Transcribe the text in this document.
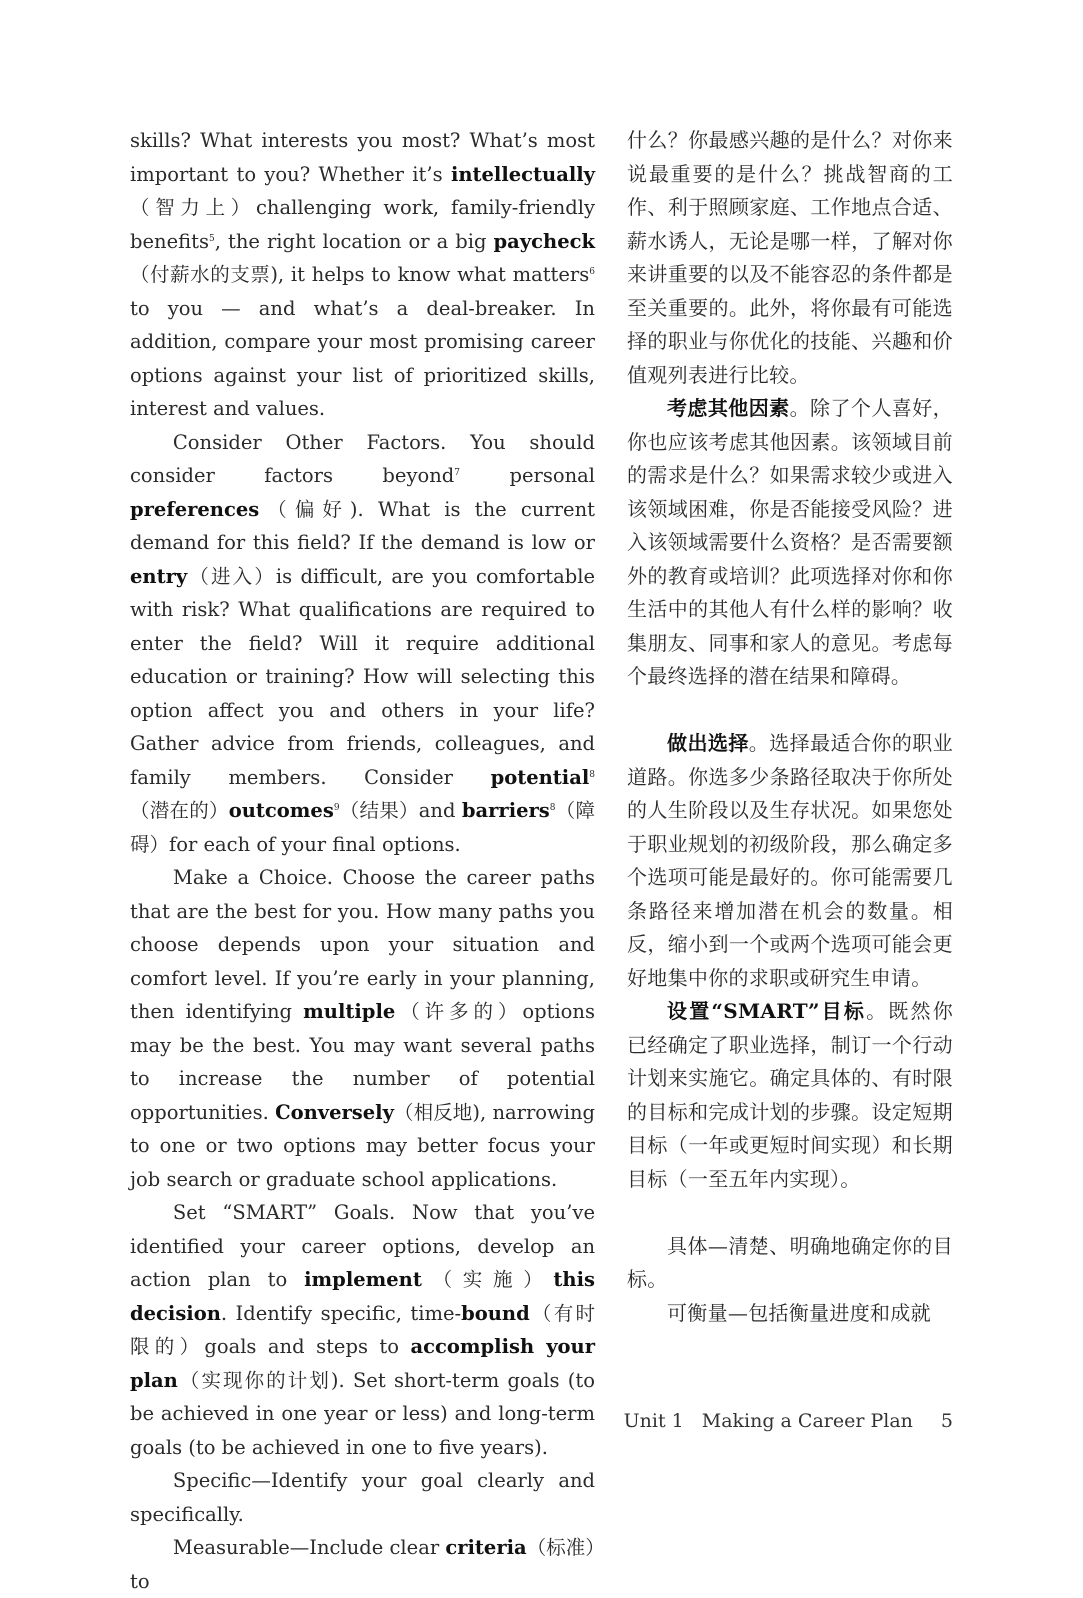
skills? What interests you most? What’s most important to you? Whether it’s intellectually（智力上）challenging work, family-friendly benefits$^5$, the right location or a big paycheck（付薪水的支票), it helps to know what matters$^6$ to you — and what’s a deal-breaker. In addition, compare your most promising career options against your list of prioritized skills, interest and values.

Consider Other Factors. You should consider factors beyond$^7$ personal preferences（偏好). What is the current demand for this field? If the demand is low or entry（进入）is difficult, are you comfortable with risk? What qualifications are required to enter the field? Will it require additional education or training? How will selecting this option affect you and others in your life? Gather advice from friends, colleagues, and family members. Consider potential$^8$（潜在的）outcomes$^9$（结果）and barriers$^8$（障碍）for each of your final options.

Make a Choice. Choose the career paths that are the best for you. How many paths you choose depends upon your situation and comfort level. If you’re early in your planning, then identifying multiple（许多的）options may be the best. You may want several paths to increase the number of potential opportunities. Conversely（相反地), narrowing to one or two options may better focus your job search or graduate school applications.

Set “SMART” Goals. Now that you’ve identified your career options, develop an action plan to implement（实施）this decision. Identify specific, time-bound（有时限的）goals and steps to accomplish your plan（实现你的计划). Set short-term goals (to be achieved in one year or less) and long-term goals (to be achieved in one to five years).

Specific—Identify your goal clearly and specifically.

Measurable—Include clear criteria（标准）to

什么？你最感兴趣的是什么？对你来说最重要的是什么？挑战智商的工作、利于照顾家庭、工作地点合适、薪水诱人，无论是哪一样，了解对你来讲重要的以及不能容忍的条件都是至关重要的。此外，将你最有可能选择的职业与你优化的技能、兴趣和价值观列表进行比较。

考虑其他因素。除了个人喜好，你也应该考虑其他因素。该领域目前的需求是什么？如果需求较少或进入该领域困难，你是否能接受风险？进入该领域需要什么资格？是否需要额外的教育或培训？此项选择对你和你生活中的其他人有什么样的影响？收集朋友、同事和家人的意见。考虑每个最终选择的潜在结果和障碍。

做出选择。选择最适合你的职业道路。你选多少条路径取决于你所处的人生阶段以及生存状况。如果您处于职业规划的初级阶段，那么确定多个选项可能是最好的。你可能需要几条路径来增加潜在机会的数量。相反，缩小到一个或两个选项可能会更好地集中你的求职或研究生申请。

设置“SMART”目标。既然你已经确定了职业选择，制订一个行动计划来实施它。确定具体的、有时限的目标和完成计划的步骤。设定短期目标（一年或更短时间实现）和长期目标（一至五年内实现）。

具体—清楚、明确地确定你的目标。

可衡量—包括衡量进度和成就

Unit 1 Making a Career Plan 5
